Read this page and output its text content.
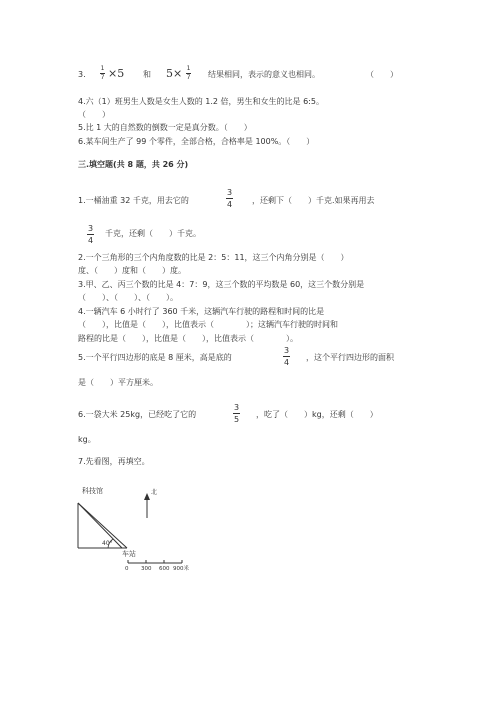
3.
1
7 ×5 和 5× 1
7 结果相同，表示的意义也相同。	（　　）
4.六（1）班男生人数是女生人数的 1.2 倍，男生和女生的比是 6:5。
（　　）
5.比 1 大的自然数的倒数一定是真分数。（　　）
6.某车间生产了 99 个零件，全部合格，合格率是 100%。（　　）
三.填空题(共 8 题，共 26 分)
1.一桶油重 32 千克，用去它的
3
4 ，还剩下（　　）千克.如果再用去
3
4
千克，还剩（　　）千克。
2.一个三角形的三个内角度数的比是 2：5：11，这三个内角分别是（　　）
度、（　　）度和（　　）度。
3.甲、乙、丙三个数的比是 4：7：9，这三个数的平均数是 60，这三个数分别是
（　　）、（　　）、（　　）。
4.一辆汽车 6 小时行了 360 千米，这辆汽车行驶的路程和时间的比是
（　　），比值是（　　），比值表示（　　　　）；这辆汽车行驶的时间和
路程的比是（　　），比值是（　　），比值表示（　　　　）。
5.一个平行四边形的底是 8 厘米，高是底的
3
4
，这个平行四边形的面积
是（　　）平方厘米。
6.一袋大米 25kg，已经吃了它的
3
5
，吃了（　　）kg，还剩（　　）
kg。
7.先看图，再填空。
科技馆
40°
车站
北
0 300 600 900米
